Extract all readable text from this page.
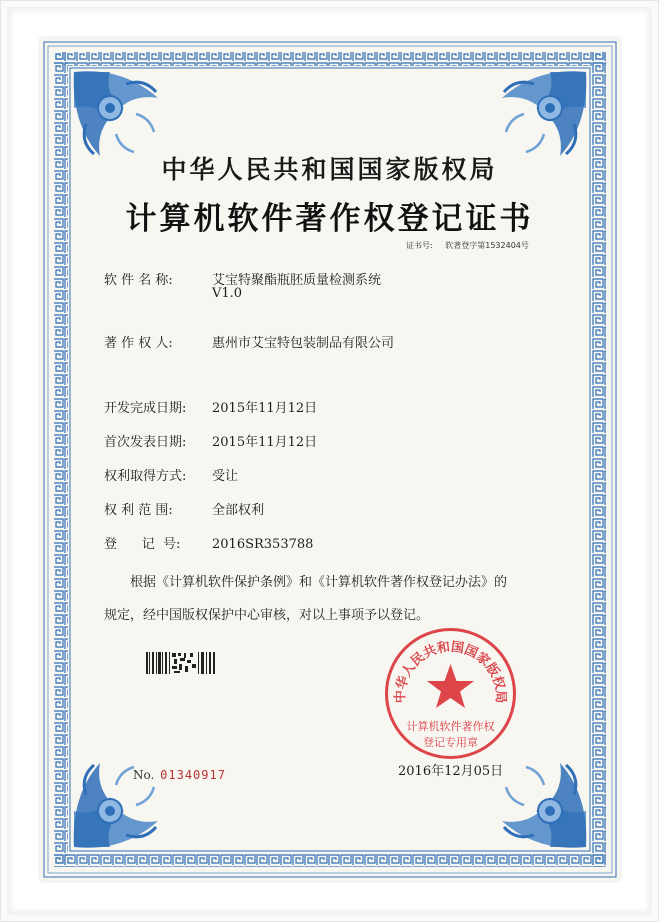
中华人民共和国国家版权局
计算机软件著作权登记证书
证书号: 软著登字第1532404号
软 件 名 称:	艾宝特聚酯瓶胚质量检测系统
V1.0
著 作 权 人:	惠州市艾宝特包装制品有限公司
开发完成日期: 2015年11月12日
首次发表日期: 2015年11月12日
权利取得方式: 受让
权 利 范 围:	全部权利
登      记  号: 2016SR353788
根据《计算机软件保护条例》和《计算机软件著作权登记办法》的
规定，经中国版权保护中心审核，对以上事项予以登记。
No. 01340917	2016年12月05日
中华人民共和国国家版权局
计算机软件著作权
登记专用章
